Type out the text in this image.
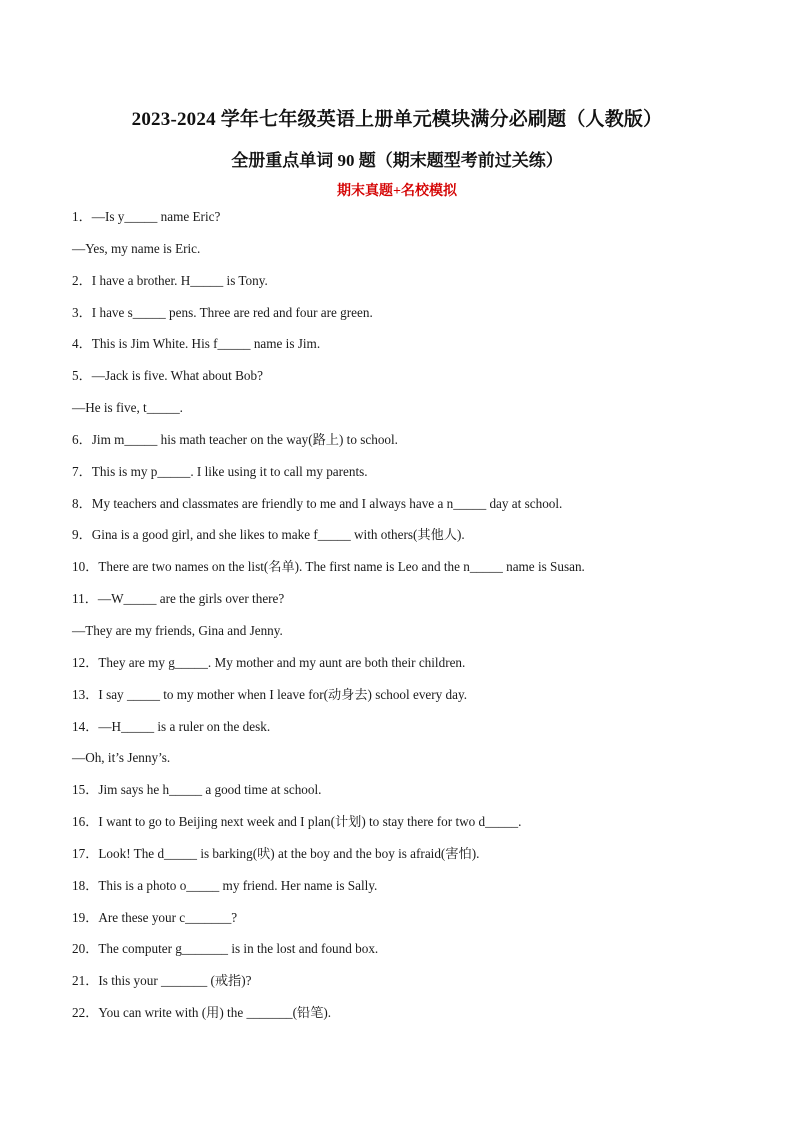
2023-2024 学年七年级英语上册单元模块满分必刷题（人教版）
全册重点单词 90 题（期末题型考前过关练）
期末真题+名校模拟
1．—Is y_____ name Eric?
—Yes, my name is Eric.
2．I have a brother. H_____ is Tony.
3．I have s_____ pens. Three are red and four are green.
4．This is Jim White. His f_____ name is Jim.
5．—Jack is five. What about Bob?
—He is five, t_____.
6．Jim m_____ his math teacher on the way(路上) to school.
7．This is my p_____. I like using it to call my parents.
8．My teachers and classmates are friendly to me and I always have a n_____ day at school.
9．Gina is a good girl, and she likes to make f_____ with others(其他人).
10．There are two names on the list(名单). The first name is Leo and the n_____ name is Susan.
11．—W_____ are the girls over there?
—They are my friends, Gina and Jenny.
12．They are my g_____. My mother and my aunt are both their children.
13．I say _____ to my mother when I leave for(动身去) school every day.
14．—H_____ is a ruler on the desk.
—Oh, it’s Jenny’s.
15．Jim says he h_____ a good time at school.
16．I want to go to Beijing next week and I plan(计划) to stay there for two d_____.
17．Look! The d_____ is barking(吠) at the boy and the boy is afraid(害怕).
18．This is a photo o_____ my friend. Her name is Sally.
19．Are these your c_______?
20．The computer g_______ is in the lost and found box.
21．Is this your _______ (戒指)?
22．You can write with (用) the _______(铅笔).
